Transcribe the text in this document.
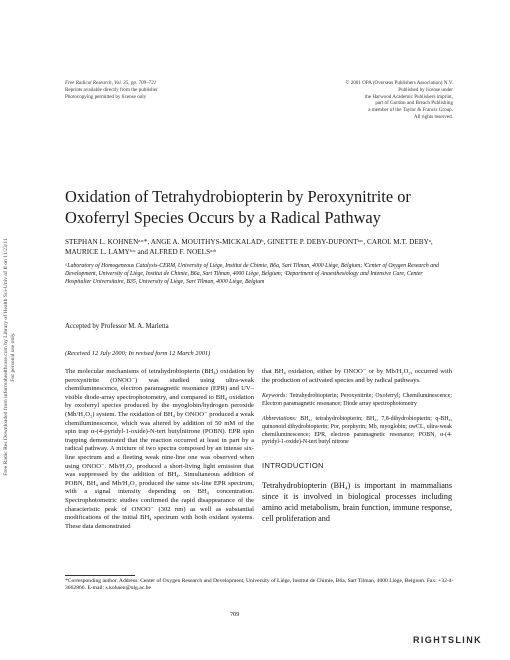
Free Radic Res Downloaded from informahealthcare.com by Library of Health Sci-Univ of Il on 11/23/11 For personal use only.
Free Radical Research, Vol. 35, pp. 709–721
Reprints available directly from the publisher
Photocopying permitted by license only
© 2001 OPA (Overseas Publishers Association) N.V.
Published by license under
the Harwood Academic Publishers imprint,
part of Gordon and Breach Publishing
a member of the Taylor & Francis Group.
All rights reserved.
Oxidation of Tetrahydrobiopterin by Peroxynitrite or Oxoferryl Species Occurs by a Radical Pathway
STEPHAN L. KOHNENᵃʴᶜ*, ANGE A. MOUITHYS-MICKALADᵇ, GINETTE P. DEBY-DUPONTᵇʴᶜ, CAROL M.T. DEBYᵃ, MAURICE L. LAMYᵇʴᶜ and ALFRED F. NOELSᵃʴᵇ
ᵃLaboratory of Homogeneous Catalysis-CERM, University of Liège, Institut de Chimie, B6a, Sart Tilman, 4000 Liège, Belgium; ᵇCenter of Oxygen Research and Development, University of Liège, Institut de Chimie, B6a, Sart Tilman, 4000 Liège, Belgium; ᶜDepartment of Anaesthesiology and Intensive Care, Center Hospitalier Universitaire, B35, University of Liège, Sart Tilman, 4000 Liège, Belgium
Accepted by Professor M. A. Marletta
(Received 12 July 2000; In revised form 12 March 2001)
The molecular mechanisms of tetrahydrobiopterin (BH₄) oxidation by peroxynitrite (ONOO⁻) was studied using ultra-weak chemiluminescence, electron paramagnetic resonance (EPR) and UV–visible diode-array spectrophotometry, and compared to BH₄ oxidation by oxoferryl species produced by the myoglobin/hydrogen peroxide (Mb/H₂O₂) system. The oxidation of BH₄ by ONOO⁻ produced a weak chemiluminescence, which was altered by addition of 50 mM of the spin trap α-(4-pyridyl-1-oxide)-N-tert butylnitrone (POBN). EPR spin trapping demonstrated that the reaction occurred at least in part by a radical pathway. A mixture of two spectra composed by an intense six-line spectrum and a fleeting weak nine-line one was observed when using ONOO⁻. Mb/H₂O₂ produced a short-living light emission that was suppressed by the addition of BH₄. Simultaneous addition of POBN, BH₄ and Mb/H₂O₂ produced the same six-line EPR spectrum, with a signal intensity depending on BH₄ concentration. Spectrophotometric studies confirmed the rapid disappearance of the characteristic peak of ONOO⁻ (302 nm) as well as substantial modifications of the initial BH₄ spectrum with both oxidant systems. These data demonstrated
that BH₄ oxidation, either by ONOO⁻ or by Mb/H₂O₂, occurred with the production of activated species and by radical pathways.
Keywords: Tetrahydrobiopterin; Peroxynitrite; Oxoferryl; Chemiluminescence; Electron paramagnetic resonance; Diode array spectrophotometry
Abbreviations: BH₄, tetrahydrobiopterin; BH₂, 7,8-dihydrobiopterin; q-BH₂, quinonoid dihydrobiopterin; Por, porphyrin; Mb, myoglobin; uwCL, ultra-weak chemiluminescence; EPR, electron paramagnetic resonance; POBN, α-(4-pyridyl-1-oxide)-N-tert butyl nitrone
INTRODUCTION
Tetrahydrobiopterin (BH₄) is important in mammalians since it is involved in biological processes including amino acid metabolism, brain function, immune response, cell proliferation and
*Corresponding author. Address: Center of Oxygen Research and Development, University of Liège, Institut de Chimie, B6a, Sart Tilman, 4000 Liège, Belgium. Fax: +32-4-3662866. E-mail: s.kohnen@ulg.ac.be
709
RIGHTSLINK
